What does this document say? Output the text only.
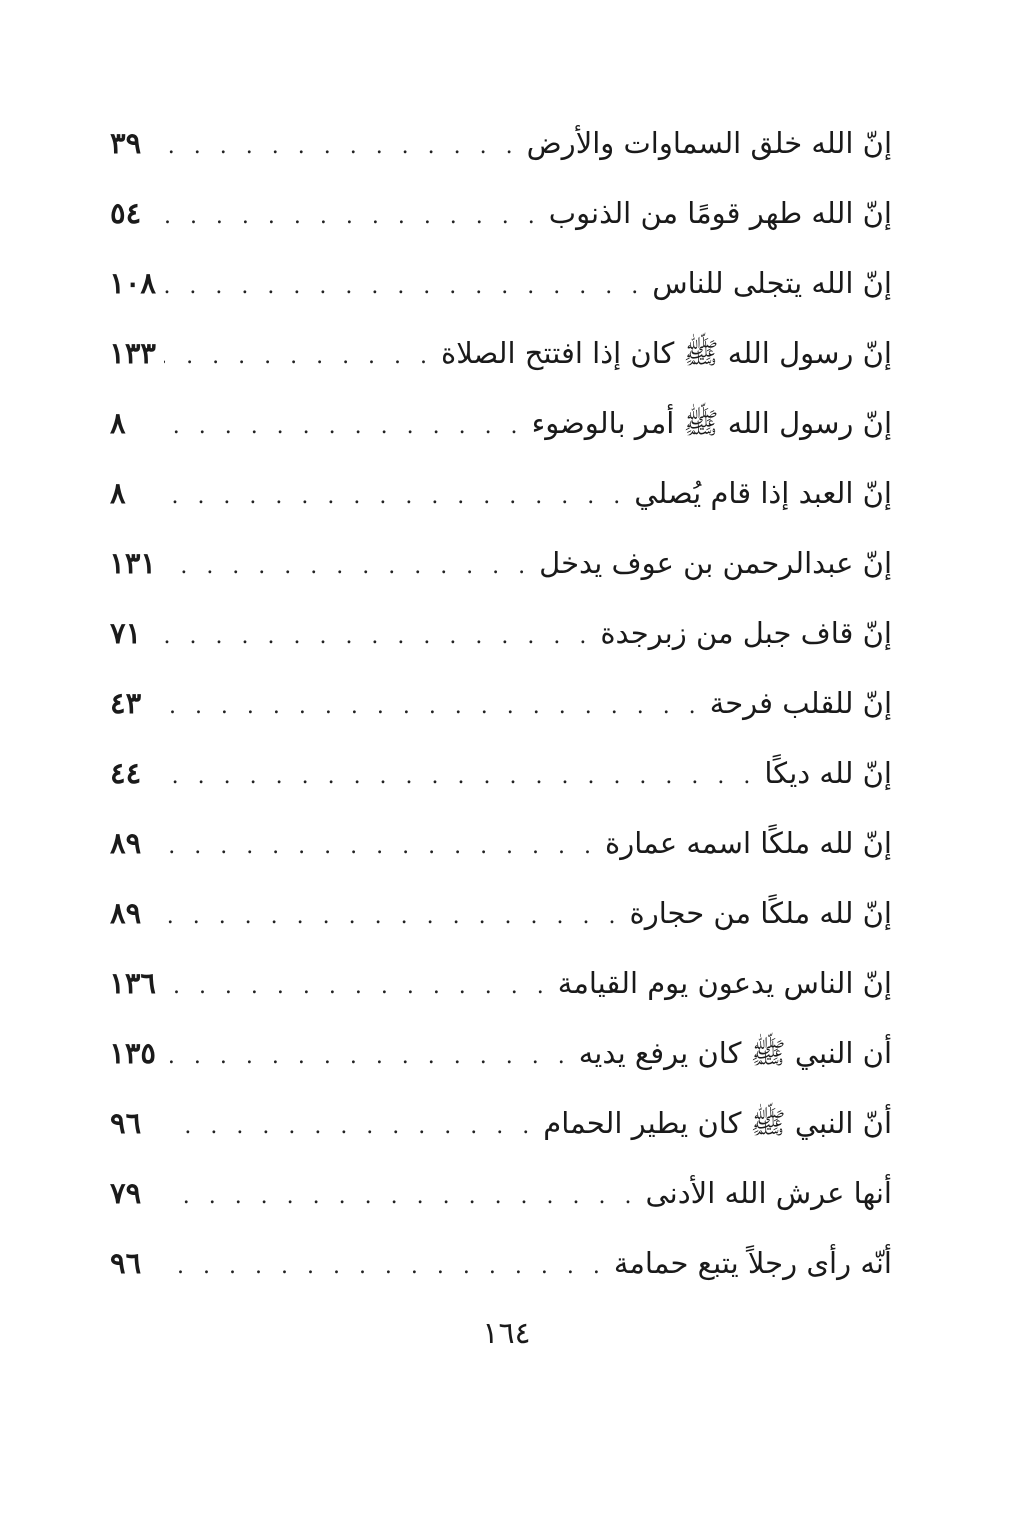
إنّ الله خلق السماوات والأرض
. . .
٣٩
إنّ الله طهر قومًا من الذنوب
. . .
٥٤
إنّ الله يتجلى للناس
. . .
١٠٨
إنّ رسول الله ﷺ كان إذا افتتح الصلاة
. . .
١٣٣
إنّ رسول الله ﷺ أمر بالوضوء
. . .
٨
إنّ العبد إذا قام يُصلي
. . .
٨
إنّ عبدالرحمن بن عوف يدخل
. . .
١٣١
إنّ قاف جبل من زبرجدة
. . .
٧١
إنّ للقلب فرحة
. . .
٤٣
إنّ لله ديكًا
. . .
٤٤
إنّ لله ملكًا اسمه عمارة
. . .
٨٩
إنّ لله ملكًا من حجارة
. . .
٨٩
إنّ الناس يدعون يوم القيامة
. . .
١٣٦
أن النبي ﷺ كان يرفع يديه
. . .
١٣٥
أنّ النبي ﷺ كان يطير الحمام
. . .
٩٦
أنها عرش الله الأدنى
. . .
٧٩
أنّه رأى رجلاً يتبع حمامة
. . .
٩٦
١٦٤
